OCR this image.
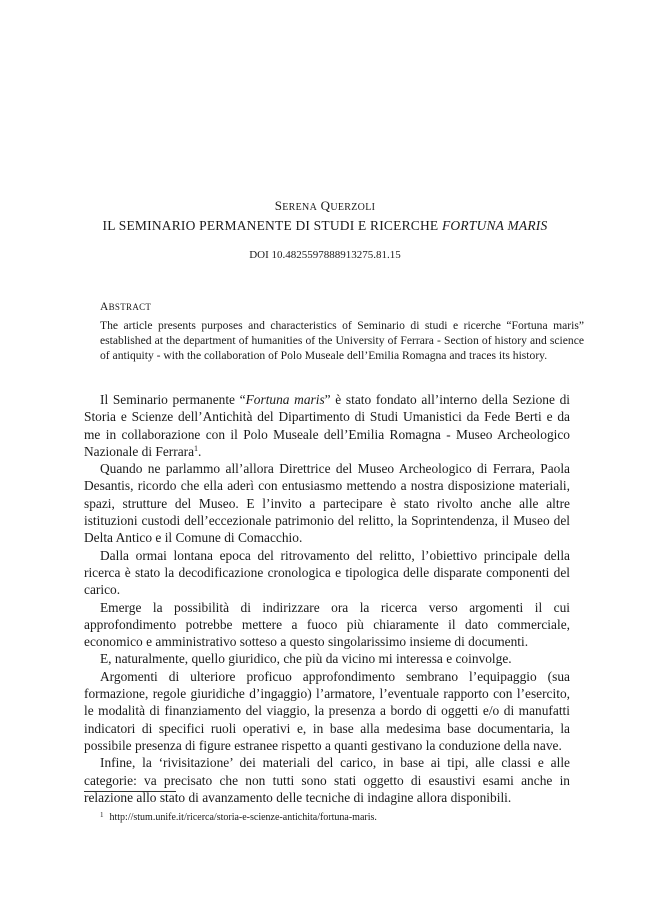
SERENA QUERZOLI
IL SEMINARIO PERMANENTE DI STUDI E RICERCHE FORTUNA MARIS
DOI 10.4825597888913275.81.15
ABSTRACT
The article presents purposes and characteristics of Seminario di studi e ricerche “Fortuna maris” established at the department of humanities of the University of Ferrara - Section of history and science of antiquity - with the collaboration of Polo Museale dell’Emilia Romagna and traces its history.

Il Seminario permanente “Fortuna maris” è stato fondato all’interno della Sezione di Storia e Scienze dell’Antichità del Dipartimento di Studi Umanistici da Fede Berti e da me in collaborazione con il Polo Museale dell’Emilia Romagna - Museo Archeologico Nazionale di Ferrara$^1$.

Quando ne parlammo all’allora Direttrice del Museo Archeologico di Ferrara, Paola Desantis, ricordo che ella aderì con entusiasmo mettendo a nostra disposizione materiali, spazi, strutture del Museo. E l’invito a partecipare è stato rivolto anche alle altre istituzioni custodi dell’eccezionale patrimonio del relitto, la Soprintendenza, il Museo del Delta Antico e il Comune di Comacchio.

Dalla ormai lontana epoca del ritrovamento del relitto, l’obiettivo principale della ricerca è stato la decodificazione cronologica e tipologica delle disparate componenti del carico.

Emerge la possibilità di indirizzare ora la ricerca verso argomenti il cui approfondimento potrebbe mettere a fuoco più chiaramente il dato commerciale, economico e amministrativo sotteso a questo singolarissimo insieme di documenti.

E, naturalmente, quello giuridico, che più da vicino mi interessa e coinvolge.

Argomenti di ulteriore proficuo approfondimento sembrano l’equipaggio (sua formazione, regole giuridiche d’ingaggio) l’armatore, l’eventuale rapporto con l’esercito, le modalità di finanziamento del viaggio, la presenza a bordo di oggetti e/o di manufatti indicatori di specifici ruoli operativi e, in base alla medesima base documentaria, la possibile presenza di figure estranee rispetto a quanti gestivano la conduzione della nave.

Infine, la ‘rivisitazione’ dei materiali del carico, in base ai tipi, alle classi e alle categorie: va precisato che non tutti sono stati oggetto di esaustivi esami anche in relazione allo stato di avanzamento delle tecniche di indagine allora disponibili.

$^1$ http://stum.unife.it/ricerca/storia-e-scienze-antichita/fortuna-maris.
